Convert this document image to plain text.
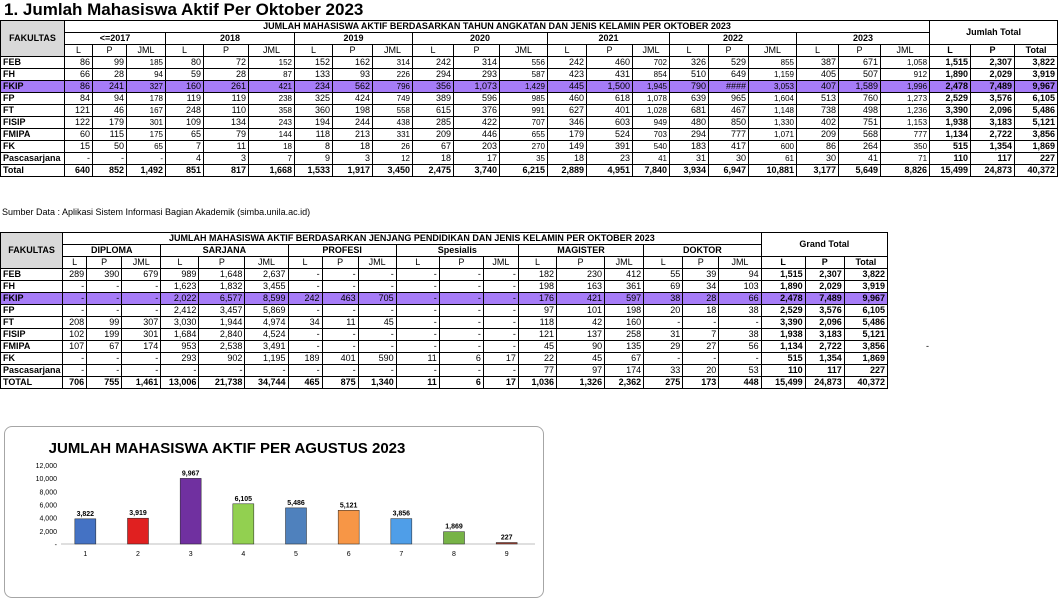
1. Jumlah Mahasiswa Aktif Per Oktober 2023
FAKULTAS	JUMLAH MAHASISWA AKTIF BERDASARKAN TAHUN ANGKATAN DAN JENIS KELAMIN PER OKTOBER 2023																					Jumlah Total		
	<=2017			2018			2019			2020			2021			2022			2023					
	L	P	JML	L	P	JML	L	P	JML	L	P	JML	L	P	JML	L	P	JML	L	P	JML	L	P	Total
FEB	86	99	185	80	72	152	152	162	314	242	314	556	242	460	702	326	529	855	387	671	1,058	1,515	2,307	3,822
FH	66	28	94	59	28	87	133	93	226	294	293	587	423	431	854	510	649	1,159	405	507	912	1,890	2,029	3,919
FKIP	86	241	327	160	261	421	234	562	796	356	1,073	1,429	445	1,500	1,945	790	####	3,053	407	1,589	1,996	2,478	7,489	9,967
FP	84	94	178	119	119	238	325	424	749	389	596	985	460	618	1,078	639	965	1,604	513	760	1,273	2,529	3,576	6,105
FT	121	46	167	248	110	358	360	198	558	615	376	991	627	401	1,028	681	467	1,148	738	498	1,236	3,390	2,096	5,486
FISIP	122	179	301	109	134	243	194	244	438	285	422	707	346	603	949	480	850	1,330	402	751	1,153	1,938	3,183	5,121
FMIPA	60	115	175	65	79	144	118	213	331	209	446	655	179	524	703	294	777	1,071	209	568	777	1,134	2,722	3,856
FK	15	50	65	7	11	18	8	18	26	67	203	270	149	391	540	183	417	600	86	264	350	515	1,354	1,869
Pascasarjana	-	-	-	4	3	7	9	3	12	18	17	35	18	23	41	31	30	61	30	41	71	110	117	227
Total	640	852	1,492	851	817	1,668	1,533	1,917	3,450	2,475	3,740	6,215	2,889	4,951	7,840	3,934	6,947	10,881	3,177	5,649	8,826	15,499	24,873	40,372
Sumber Data : Aplikasi Sistem Informasi Bagian Akademik (simba.unila.ac.id)
FAKULTAS	JUMLAH MAHASISWA AKTIF BERDASARKAN JENJANG PENDIDIKAN DAN JENIS KELAMIN PER OKTOBER 2023																		Grand Total		
	DIPLOMA			SARJANA			PROFESI			Spesialis			MAGISTER			DOKTOR					
	L	P	JML	L	P	JML	L	P	JML	L	P	JML	L	P	JML	L	P	JML	L	P	Total
FEB	289	390	679	989	1,648	2,637	-	-	-	-	-	-	182	230	412	55	39	94	1,515	2,307	3,822
FH	-	-	-	1,623	1,832	3,455	-	-	-	-	-	-	198	163	361	69	34	103	1,890	2,029	3,919
FKIP	-	-	-	2,022	6,577	8,599	242	463	705	-	-	-	176	421	597	38	28	66	2,478	7,489	9,967
FP	-	-	-	2,412	3,457	5,869	-	-	-	-	-	-	97	101	198	20	18	38	2,529	3,576	6,105
FT	208	99	307	3,030	1,944	4,974	34	11	45	-	-	-	118	42	160	-	-	-	3,390	2,096	5,486
FISIP	102	199	301	1,684	2,840	4,524	-	-	-	-	-	-	121	137	258	31	7	38	1,938	3,183	5,121
FMIPA	107	67	174	953	2,538	3,491	-	-	-	-	-	-	45	90	135	29	27	56	1,134	2,722	3,856
FK	-	-	-	293	902	1,195	189	401	590	11	6	17	22	45	67	-	-	-	515	1,354	1,869
Pascasarjana	-	-	-	-	-	-	-	-	-	-	-	-	77	97	174	33	20	53	110	117	227
TOTAL	706	755	1,461	13,006	21,738	34,744	465	875	1,340	11	6	17	1,036	1,326	2,362	275	173	448	15,499	24,873	40,372
-
JUMLAH MAHASISWA AKTIF PER AGUSTUS 2023
-
2,000
4,000
6,000
8,000
10,000
12,000
3,822
1
3,919
2
9,967
3
6,105
4
5,486
5
5,121
6
3,856
7
1,869
8
227
9
